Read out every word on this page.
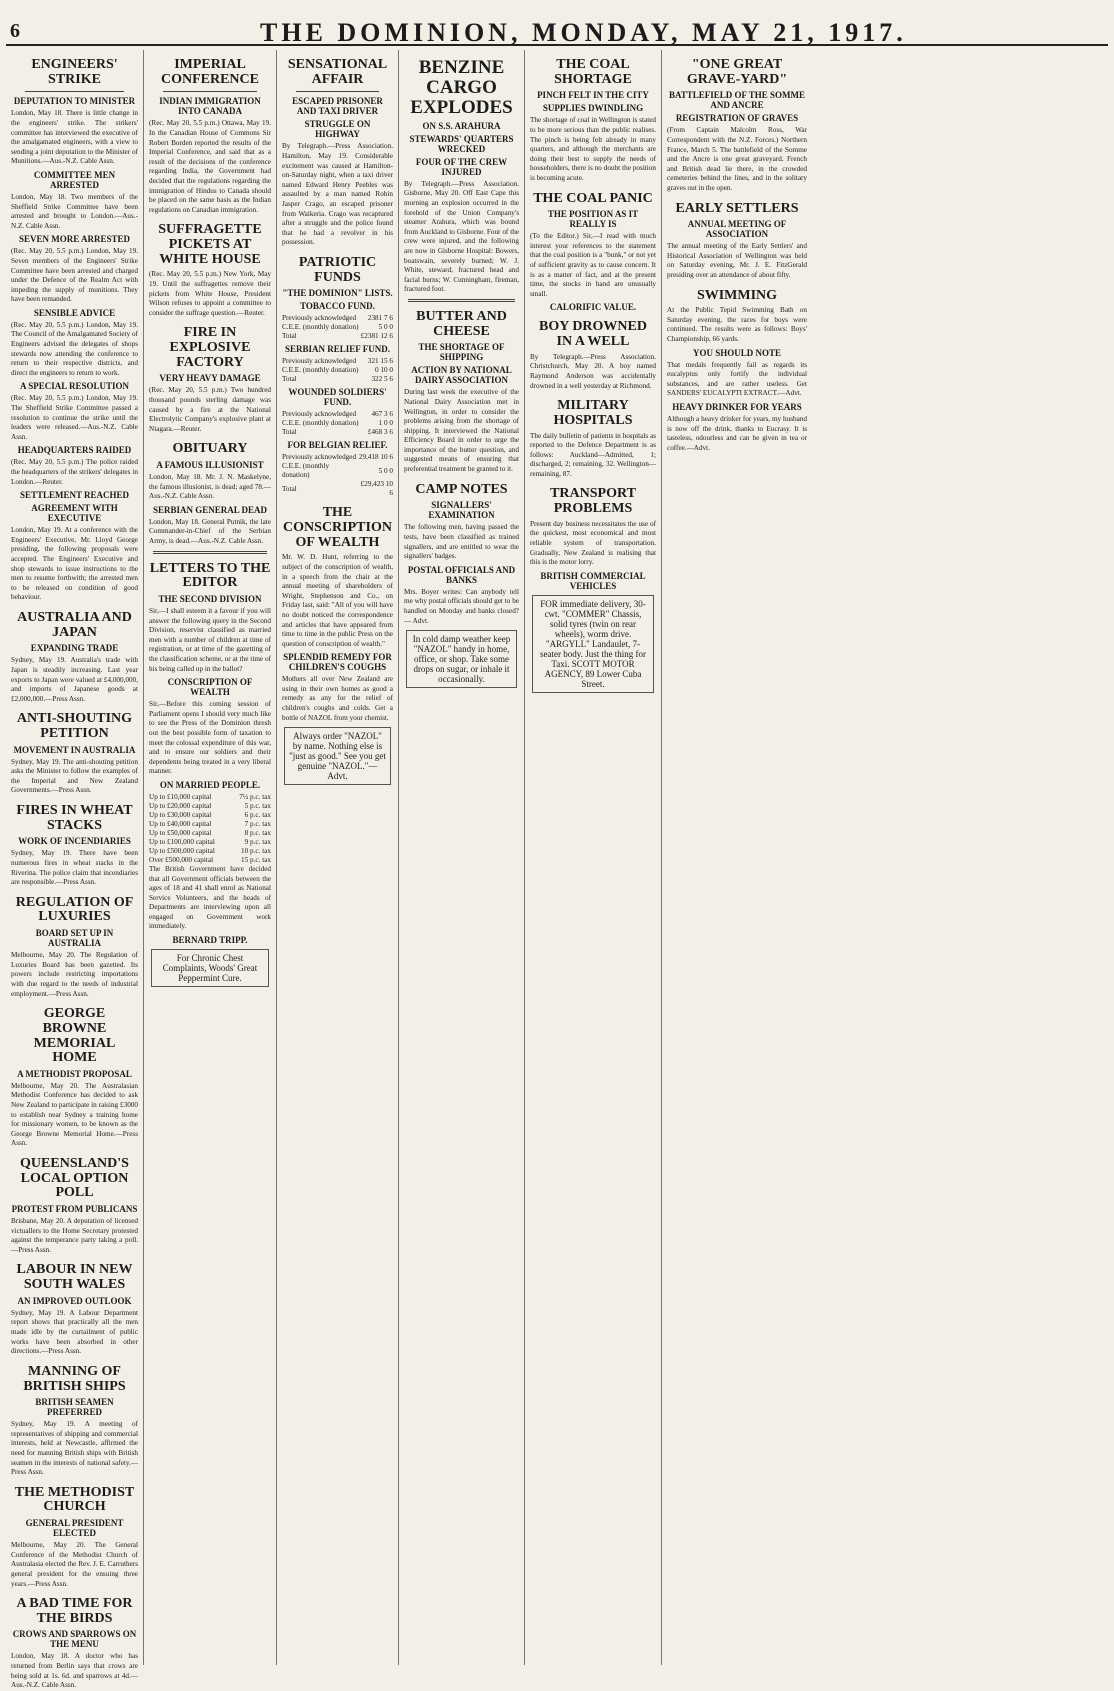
6	THE DOMINION, MONDAY, MAY 21, 1917.
ENGINEERS' STRIKE
DEPUTATION TO MINISTER

London, May 18. There is little change in the engineers' strike. The strikers' committee has interviewed the executive of the amalgamated engineers, with a view to sending a joint deputation to the Minister of Munitions.—Aus.-N.Z. Cable Assn.

COMMITTEE MEN ARRESTED

London, May 18. Two members of the Sheffield Strike Committee have been arrested and brought to London.—Aus.-N.Z. Cable Assn.

SEVEN MORE ARRESTED

(Rec. May 20, 5.5 p.m.) London, May 19. Seven members of the Engineers' Strike Committee have been arrested and charged under the Defence of the Realm Act with impeding the supply of munitions. They have been remanded.

SENSIBLE ADVICE

(Rec. May 20, 5.5 p.m.) London, May 19. The Council of the Amalgamated Society of Engineers advised the delegates of shops stewards now attending the conference to return to their respective districts, and direct the engineers to return to work.

A SPECIAL RESOLUTION

(Rec. May 20, 5.5 p.m.) London, May 19. The Sheffield Strike Committee passed a resolution to continue the strike until the leaders were released.—Aus.-N.Z. Cable Assn.

HEADQUARTERS RAIDED

(Rec. May 20, 5.5 p.m.) The police raided the headquarters of the strikers' delegates in London.—Reuter.

SETTLEMENT REACHED
AGREEMENT WITH EXECUTIVE

London, May 19. At a conference with the Engineers' Executive, Mr. Lloyd George presiding, the following proposals were accepted. The Engineers' Executive and shop stewards to issue instructions to the men to resume forthwith; the arrested men to be released on condition of good behaviour.

AUSTRALIA AND JAPAN
EXPANDING TRADE

Sydney, May 19. Australia's trade with Japan is steadily increasing. Last year exports to Japan were valued at £4,000,000, and imports of Japanese goods at £2,000,000.—Press Assn.

ANTI-SHOUTING PETITION
MOVEMENT IN AUSTRALIA

Sydney, May 19. The anti-shouting petition asks the Minister to follow the examples of the Imperial and New Zealand Governments.—Press Assn.

FIRES IN WHEAT STACKS
WORK OF INCENDIARIES

Sydney, May 19. There have been numerous fires in wheat stacks in the Riverina. The police claim that incendiaries are responsible.—Press Assn.

REGULATION OF LUXURIES
BOARD SET UP IN AUSTRALIA

Melbourne, May 20. The Regulation of Luxuries Board has been gazetted. Its powers include restricting importations with due regard to the needs of industrial employment.—Press Assn.

GEORGE BROWNE MEMORIAL HOME
A METHODIST PROPOSAL

Melbourne, May 20. The Australasian Methodist Conference has decided to ask New Zealand to participate in raising £3000 to establish near Sydney a training home for missionary women, to be known as the George Browne Memorial Home.—Press Assn.

QUEENSLAND'S LOCAL OPTION POLL
PROTEST FROM PUBLICANS

Brisbane, May 20. A deputation of licensed victuallers to the Home Secretary protested against the temperance party taking a poll.—Press Assn.

LABOUR IN NEW SOUTH WALES
AN IMPROVED OUTLOOK

Sydney, May 19. A Labour Department report shows that practically all the men made idle by the curtailment of public works have been absorbed in other directions.—Press Assn.

MANNING OF BRITISH SHIPS
BRITISH SEAMEN PREFERRED

Sydney, May 19. A meeting of representatives of shipping and commercial interests, held at Newcastle, affirmed the need for manning British ships with British seamen in the interests of national safety.—Press Assn.

THE METHODIST CHURCH
GENERAL PRESIDENT ELECTED

Melbourne, May 20. The General Conference of the Methodist Church of Australasia elected the Rev. J. E. Carruthers general president for the ensuing three years.—Press Assn.

A BAD TIME FOR THE BIRDS
CROWS AND SPARROWS ON THE MENU

London, May 18. A doctor who has returned from Berlin says that crows are being sold at 1s. 6d. and sparrows at 4d.—Aus.-N.Z. Cable Assn.

IMPERIAL CONFERENCE
INDIAN IMMIGRATION INTO CANADA

(Rec. May 20, 5.5 p.m.) Ottawa, May 19. In the Canadian House of Commons Sir Robert Borden reported the results of the Imperial Conference, and said that as a result of the decisions of the conference regarding India, the Government had decided that the regulations regarding the immigration of Hindus to Canada should be placed on the same basis as the Indian regulations on Canadian immigration.

SUFFRAGETTE PICKETS AT WHITE HOUSE

(Rec. May 20, 5.5 p.m.) New York, May 19. Until the suffragettes remove their pickets from White House, President Wilson refuses to appoint a committee to consider the suffrage question.—Reuter.

FIRE IN EXPLOSIVE FACTORY
VERY HEAVY DAMAGE

(Rec. May 20, 5.5 p.m.) Two hundred thousand pounds sterling damage was caused by a fire at the National Electrolytic Company's explosive plant at Niagara.—Reuter.

OBITUARY
A FAMOUS ILLUSIONIST

London, May 18. Mr. J. N. Maskelyne, the famous illusionist, is dead; aged 78.—Aus.-N.Z. Cable Assn.

SERBIAN GENERAL DEAD

London, May 18. General Putnik, the late Commander-in-Chief of the Serbian Army, is dead.—Aus.-N.Z. Cable Assn.

LETTERS TO THE EDITOR
THE SECOND DIVISION

Sir,—I shall esteem it a favour if you will answer the following query in the Second Division, reservist classified as married men with a number of children at time of registration, or at time of the gazetting of the classification scheme, or at the time of his being called up in the ballot?

CONSCRIPTION OF WEALTH

Sir,—Before this coming session of Parliament opens I should very much like to see the Press of the Dominion thresh out the best possible form of taxation to meet the colossal expenditure of this war, and to ensure our soldiers and their dependents being treated in a very liberal manner.

ON MARRIED PEOPLE.
Up to £10,000 capital	7½ p.c. tax
Up to £20,000 capital	5 p.c. tax
Up to £30,000 capital	6 p.c. tax
Up to £40,000 capital	7 p.c. tax
Up to £50,000 capital	8 p.c. tax
Up to £100,000 capital	9 p.c. tax
Up to £500,000 capital	10 p.c. tax
Over £500,000 capital	15 p.c. tax

The British Government have decided that all Government officials between the ages of 18 and 41 shall enrol as National Service Volunteers, and the heads of Departments are interviewing upon all engaged on Government work immediately.

BERNARD TRIPP.
For Chronic Chest Complaints, Woods' Great Peppermint Cure.
SENSATIONAL AFFAIR
ESCAPED PRISONER AND TAXI DRIVER
STRUGGLE ON HIGHWAY

By Telegraph.—Press Association. Hamilton, May 19. Considerable excitement was caused at Hamilton-on-Saturday night, when a taxi driver named Edward Henry Peebles was assaulted by a man named Robin Jasper Crago, an escaped prisoner from Waikeria. Crago was recaptured after a struggle and the police found that he had a revolver in his possession.

PATRIOTIC FUNDS
"THE DOMINION" LISTS.
TOBACCO FUND.
Previously acknowledged	2381 7 6
C.E.E. (monthly donation)	5 0 0
Total	£2381 12 6
SERBIAN RELIEF FUND.
Previously acknowledged	321 15 6
C.E.E. (monthly donation)	0 10 0
Total	322 5 6
WOUNDED SOLDIERS' FUND.
Previously acknowledged	467 3 6
C.E.E. (monthly donation)	1 0 0
Total	£468 3 6
FOR BELGIAN RELIEF.
Previously acknowledged	29,418 10 6
C.E.E. (monthly donation)	5 0 0
Total	£29,423 10 6
THE CONSCRIPTION OF WEALTH

Mr. W. D. Hunt, referring to the subject of the conscription of wealth, in a speech from the chair at the annual meeting of shareholders of Wright, Stephenson and Co., on Friday last, said: "All of you will have no doubt noticed the correspondence and articles that have appeared from time to time in the public Press on the question of conscription of wealth."

SPLENDID REMEDY FOR CHILDREN'S COUGHS

Mothers all over New Zealand are using in their own homes as good a remedy as any for the relief of children's coughs and colds. Get a bottle of NAZOL from your chemist.

Always order "NAZOL" by name. Nothing else is "just as good." See you get genuine "NAZOL."—Advt.
BENZINE CARGO EXPLODES
ON S.S. ARAHURA
STEWARDS' QUARTERS WRECKED
FOUR OF THE CREW INJURED

By Telegraph.—Press Association. Gisborne, May 20. Off East Cape this morning an explosion occurred in the forehold of the Union Company's steamer Arahura, which was bound from Auckland to Gisborne. Four of the crew were injured, and the following are now in Gisborne Hospital: Bowers, boatswain, severely burned; W. J. White, steward, fractured head and facial burns; W. Cunningham, fireman, fractured foot.

BUTTER AND CHEESE
THE SHORTAGE OF SHIPPING
ACTION BY NATIONAL DAIRY ASSOCIATION

During last week the executive of the National Dairy Association met in Wellington, in order to consider the problems arising from the shortage of shipping. It interviewed the National Efficiency Board in order to urge the importance of the butter question, and suggested means of ensuring that preferential treatment be granted to it.

CAMP NOTES
SIGNALLERS' EXAMINATION

The following men, having passed the tests, have been classified as trained signallers, and are entitled to wear the signallers' badges.

POSTAL OFFICIALS AND BANKS

Mrs. Boyer writes: Can anybody tell me why postal officials should get to be handled on Monday and banks closed? — Advt.

In cold damp weather keep "NAZOL" handy in home, office, or shop. Take some drops on sugar, or inhale it occasionally.
THE COAL SHORTAGE
PINCH FELT IN THE CITY
SUPPLIES DWINDLING

The shortage of coal in Wellington is stated to be more serious than the public realises. The pinch is being felt already in many quarters, and although the merchants are doing their best to supply the needs of householders, there is no doubt the position is becoming acute.

THE COAL PANIC
THE POSITION AS IT REALLY IS

(To the Editor.) Sir,—I read with much interest your references to the statement that the coal position is a "bunk," or not yet of sufficient gravity as to cause concern. It is as a matter of fact, and at the present time, the stocks in hand are unusually small.

CALORIFIC VALUE.
BOY DROWNED IN A WELL

By Telegraph.—Press Association. Christchurch, May 20. A boy named Raymond Anderson was accidentally drowned in a well yesterday at Richmond.

MILITARY HOSPITALS

The daily bulletin of patients in hospitals as reported to the Defence Department is as follows: Auckland—Admitted, 1; discharged, 2; remaining, 32. Wellington—remaining, 87.

TRANSPORT PROBLEMS

Present day business necessitates the use of the quickest, most economical and most reliable system of transportation. Gradually, New Zealand is realising that this is the motor lorry.

BRITISH COMMERCIAL VEHICLES
FOR immediate delivery, 30-cwt. "COMMER" Chassis, solid tyres (twin on rear wheels), worm drive. "ARGYLL" Landaulet, 7-seater body. Just the thing for Taxi. SCOTT MOTOR AGENCY, 89 Lower Cuba Street.
"ONE GREAT GRAVE-YARD"
BATTLEFIELD OF THE SOMME AND ANCRE
REGISTRATION OF GRAVES

(From Captain Malcolm Ross, War Correspondent with the N.Z. Forces.) Northern France, March 5. The battlefield of the Somme and the Ancre is one great graveyard. French and British dead lie there, in the crowded cemeteries behind the lines, and in the solitary graves out in the open.

EARLY SETTLERS
ANNUAL MEETING OF ASSOCIATION

The annual meeting of the Early Settlers' and Historical Association of Wellington was held on Saturday evening, Mr. J. E. FitzGerald presiding over an attendance of about fifty.

SWIMMING

At the Public Tepid Swimming Bath on Saturday evening, the races for boys were continued. The results were as follows: Boys' Championship, 66 yards.

YOU SHOULD NOTE

That medals frequently fail as regards its eucalyptus only fortify the individual substances, and are rather useless. Get SANDERS' EUCALYPTI EXTRACT.—Advt.

HEAVY DRINKER FOR YEARS

Although a heavy drinker for years, my husband is now off the drink, thanks to Eucrasy. It is tasteless, odourless and can be given in tea or coffee.—Advt.
